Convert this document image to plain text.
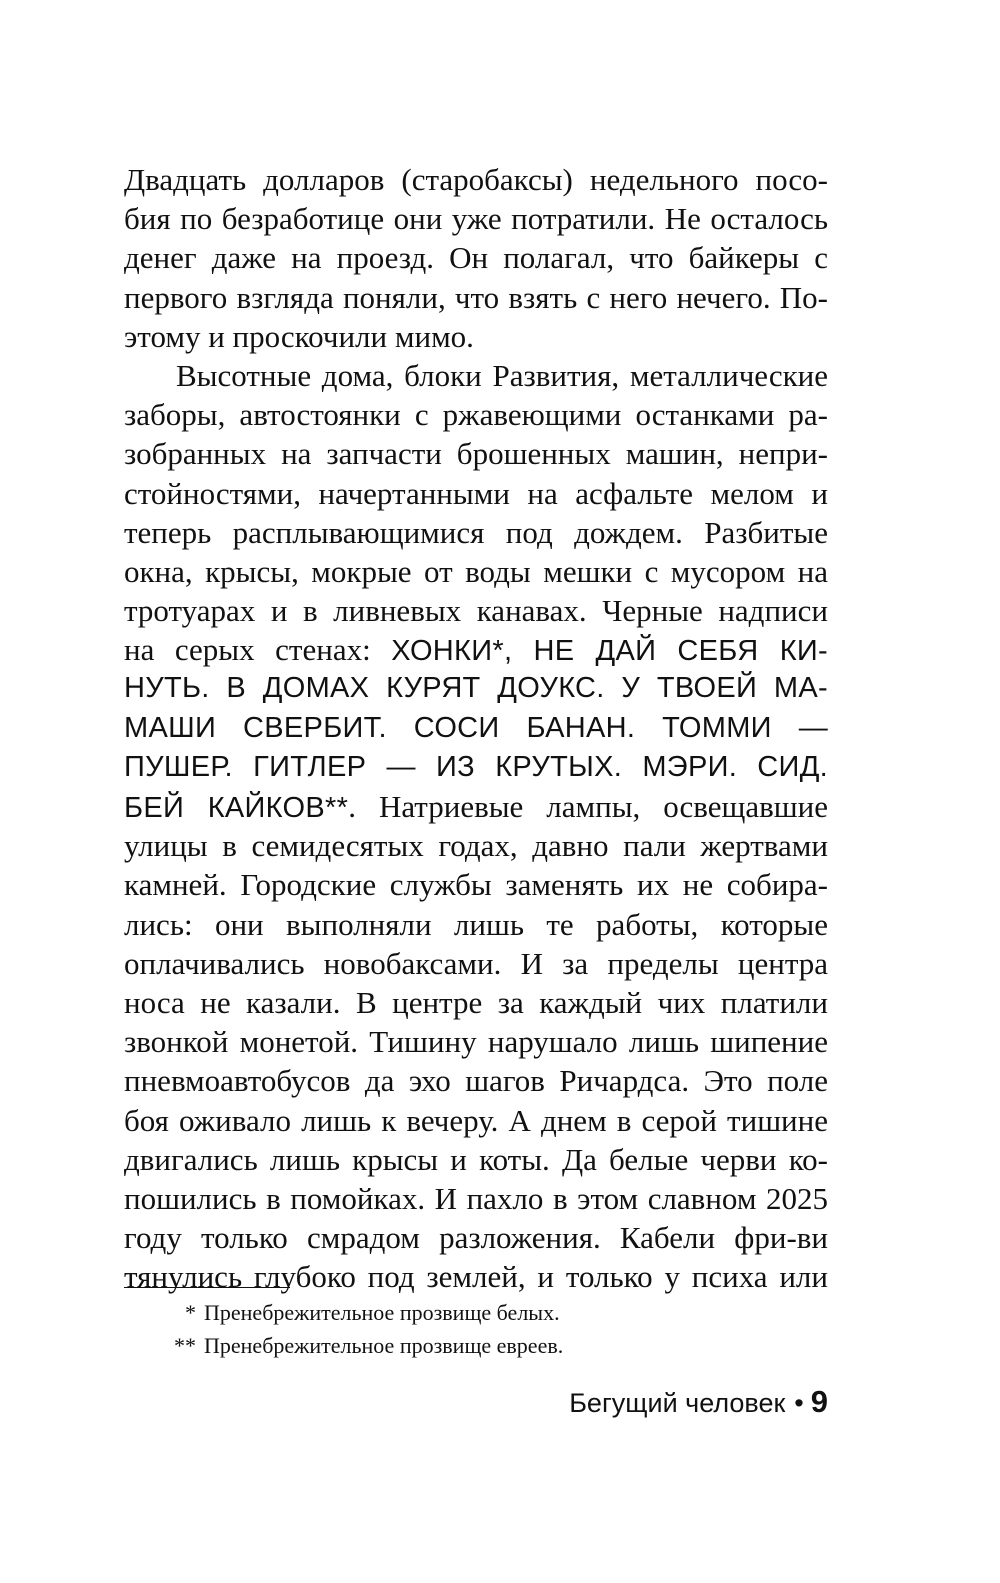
Двадцать долларов (старобаксы) недельного посо-
бия по безработице они уже потратили. Не осталось
денег даже на проезд. Он полагал, что байкеры с
первого взгляда поняли, что взять с него нечего. По-
этому и проскочили мимо.
Высотные дома, блоки Развития, металлические
заборы, автостоянки с ржавеющими останками ра-
зобранных на запчасти брошенных машин, непри-
стойностями, начертанными на асфальте мелом и
теперь расплывающимися под дождем. Разбитые
окна, крысы, мокрые от воды мешки с мусором на
тротуарах и в ливневых канавах. Черные надписи
на серых стенах: ХОНКИ*, НЕ ДАЙ СЕБЯ КИ-
НУТЬ. В ДОМАХ КУРЯТ ДОУКС. У ТВОЕЙ МА-
МАШИ СВЕРБИТ. СОСИ БАНАН. ТОММИ —
ПУШЕР. ГИТЛЕР — ИЗ КРУТЫХ. МЭРИ. СИД.
БЕЙ КАЙКОВ**. Натриевые лампы, освещавшие
улицы в семидесятых годах, давно пали жертвами
камней. Городские службы заменять их не собира-
лись: они выполняли лишь те работы, которые
оплачивались новобаксами. И за пределы центра
носа не казали. В центре за каждый чих платили
звонкой монетой. Тишину нарушало лишь шипение
пневмоавтобусов да эхо шагов Ричардса. Это поле
боя оживало лишь к вечеру. А днем в серой тишине
двигались лишь крысы и коты. Да белые черви ко-
пошились в помойках. И пахло в этом славном 2025
году только смрадом разложения. Кабели фри-ви
тянулись глубоко под землей, и только у психа или
* Пренебрежительное прозвище белых.
** Пренебрежительное прозвище евреев.
Бегущий человек • 9
